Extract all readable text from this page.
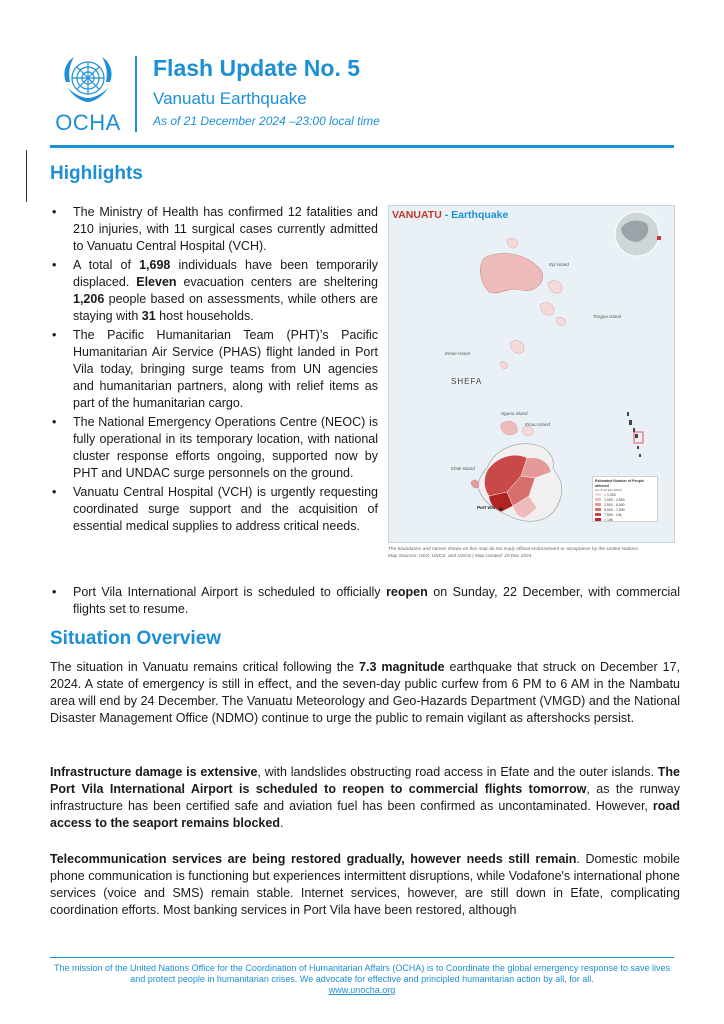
OCHA
Flash Update No. 5
Vanuatu Earthquake
As of 21 December 2024 –23:00 local time
Highlights
• The Ministry of Health has confirmed 12 fatalities and 210 injuries, with 11 surgical cases currently admitted to Vanuatu Central Hospital (VCH).
• A total of 1,698 individuals have been temporarily displaced. Eleven evacuation centers are sheltering 1,206 people based on assessments, while others are staying with 31 host households.
• The Pacific Humanitarian Team (PHT)’s Pacific Humanitarian Air Service (PHAS) flight landed in Port Vila today, bringing surge teams from UN agencies and humanitarian partners, along with relief items as part of the humanitarian cargo.
• The National Emergency Operations Centre (NEOC) is fully operational in its temporary location, with national cluster response efforts ongoing, supported now by PHT and UNDAC surge personnels on the ground.
• Vanuatu Central Hospital (VCH) is urgently requesting coordinated surge support and the acquisition of essential medical supplies to address critical needs.
• Port Vila International Airport is scheduled to officially reopen on Sunday, 22 December, with commercial flights set to resume.
VANUATU - Earthquake
Epi Island
Tongoa Island
Emae Island
Nguna Island
Emau Island
Efate Island
Port Vila
SHEFA
Estimated Number of People affected
(As of 20 Dec 2024)
< 1,000
1,000 - 2,500
2,500 - 5,000
5,000 - 7,500
7,500 - 10k
> 10k
The boundaries and names shown on this map do not imply official endorsement or acceptance by the United Nations.
Map Sources: HDX, UNCS, and USGS | Map created: 20 Dec 2024
Situation Overview

The situation in Vanuatu remains critical following the 7.3 magnitude earthquake that struck on December 17, 2024. A state of emergency is still in effect, and the seven-day public curfew from 6 PM to 6 AM in the Nambatu area will end by 24 December. The Vanuatu Meteorology and Geo-Hazards Department (VMGD) and the National Disaster Management Office (NDMO) continue to urge the public to remain vigilant as aftershocks persist.

Infrastructure damage is extensive, with landslides obstructing road access in Efate and the outer islands. The Port Vila International Airport is scheduled to reopen to commercial flights tomorrow, as the runway infrastructure has been certified safe and aviation fuel has been confirmed as uncontaminated. However, road access to the seaport remains blocked.

Telecommunication services are being restored gradually, however needs still remain. Domestic mobile phone communication is functioning but experiences intermittent disruptions, while Vodafone's international phone services (voice and SMS) remain stable. Internet services, however, are still down in Efate, complicating coordination efforts. Most banking services in Port Vila have been restored, although

The mission of the United Nations Office for the Coordination of Humanitarian Affairs (OCHA) is to Coordinate the global emergency response to save lives and protect people in humanitarian crises. We advocate for effective and principled humanitarian action by all, for all.
www.unocha.org
